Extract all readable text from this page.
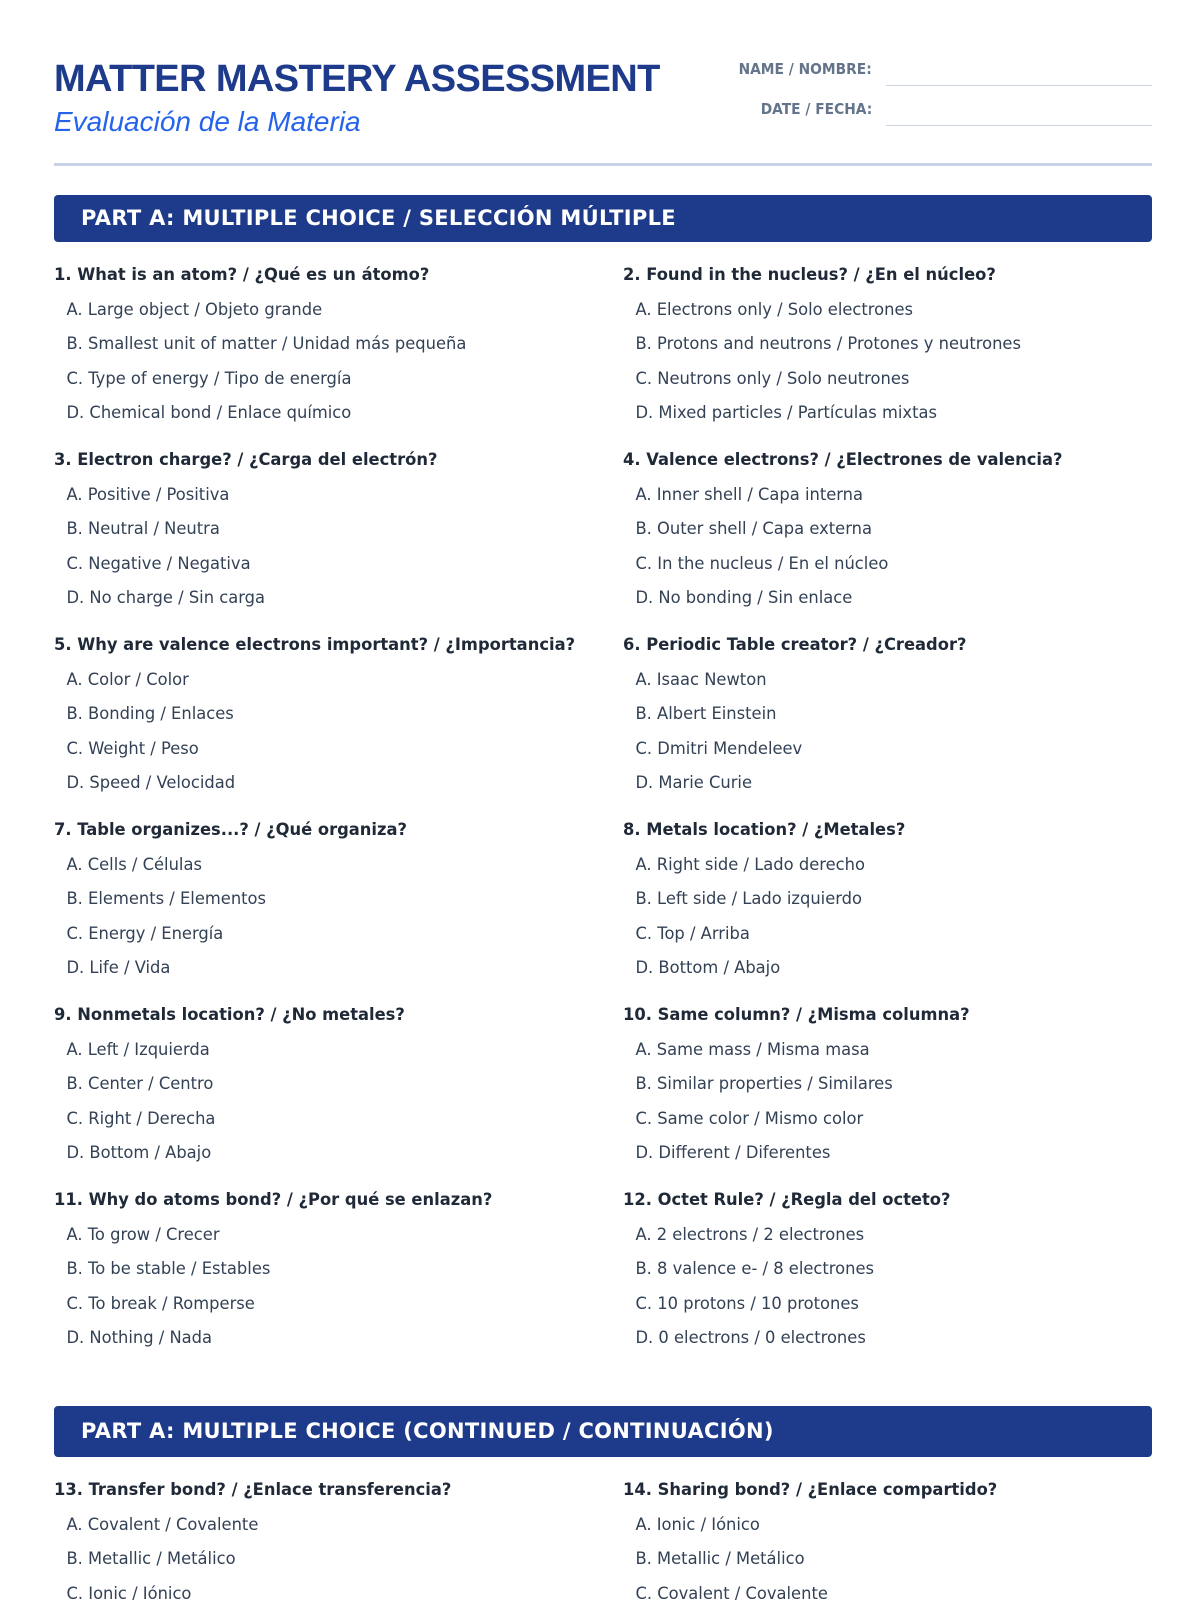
MATTER MASTERY ASSESSMENT
Evaluación de la Materia
NAME / NOMBRE:
DATE / FECHA:
PART A: MULTIPLE CHOICE / SELECCIÓN MÚLTIPLE
1. What is an atom? / ¿Qué es un átomo?
A. Large object / Objeto grande
B. Smallest unit of matter / Unidad más pequeña
C. Type of energy / Tipo de energía
D. Chemical bond / Enlace químico
2. Found in the nucleus? / ¿En el núcleo?
A. Electrons only / Solo electrones
B. Protons and neutrons / Protones y neutrones
C. Neutrons only / Solo neutrones
D. Mixed particles / Partículas mixtas
3. Electron charge? / ¿Carga del electrón?
A. Positive / Positiva
B. Neutral / Neutra
C. Negative / Negativa
D. No charge / Sin carga
4. Valence electrons? / ¿Electrones de valencia?
A. Inner shell / Capa interna
B. Outer shell / Capa externa
C. In the nucleus / En el núcleo
D. No bonding / Sin enlace
5. Why are valence electrons important? / ¿Importancia?
A. Color / Color
B. Bonding / Enlaces
C. Weight / Peso
D. Speed / Velocidad
6. Periodic Table creator? / ¿Creador?
A. Isaac Newton
B. Albert Einstein
C. Dmitri Mendeleev
D. Marie Curie
7. Table organizes...? / ¿Qué organiza?
A. Cells / Células
B. Elements / Elementos
C. Energy / Energía
D. Life / Vida
8. Metals location? / ¿Metales?
A. Right side / Lado derecho
B. Left side / Lado izquierdo
C. Top / Arriba
D. Bottom / Abajo
9. Nonmetals location? / ¿No metales?
A. Left / Izquierda
B. Center / Centro
C. Right / Derecha
D. Bottom / Abajo
10. Same column? / ¿Misma columna?
A. Same mass / Misma masa
B. Similar properties / Similares
C. Same color / Mismo color
D. Different / Diferentes
11. Why do atoms bond? / ¿Por qué se enlazan?
A. To grow / Crecer
B. To be stable / Estables
C. To break / Romperse
D. Nothing / Nada
12. Octet Rule? / ¿Regla del octeto?
A. 2 electrons / 2 electrones
B. 8 valence e- / 8 electrones
C. 10 protons / 10 protones
D. 0 electrons / 0 electrones
PART A: MULTIPLE CHOICE (CONTINUED / CONTINUACIÓN)
13. Transfer bond? / ¿Enlace transferencia?
A. Covalent / Covalente
B. Metallic / Metálico
C. Ionic / Iónico
14. Sharing bond? / ¿Enlace compartido?
A. Ionic / Iónico
B. Metallic / Metálico
C. Covalent / Covalente
